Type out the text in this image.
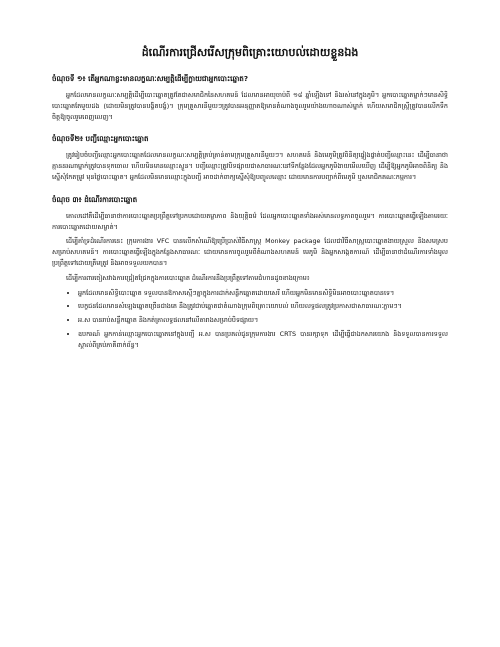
ដំណើរការជ្រើសរើសក្រុមពិគ្រោះយោបល់ដោយខ្លួនឯង
ចំណុចទី ១៖ តើអ្នកណាខ្លះមានលក្ខណៈសម្បត្តិដើម្បីក្លាយជាអ្នកបោះឆ្នោត?

អ្នកដែលមានលក្ខណៈសម្បត្តិដើម្បីបោះឆ្នោតត្រូវតែជាសមាជិកនៃសហគមន៍ ដែលមានអាយុចាប់ពី ១៨ ឆ្នាំឡើងទៅ និងរស់នៅក្នុងភូមិ។ អ្នកបោះឆ្នោតម្នាក់ៗមានសិទ្ធិបោះឆ្នោតតែមួយដង (ដោយមិនត្រូវបានបង្ខិតបង្ខំ)។ ក្រុមគ្រួសារនីមួយៗត្រូវបានអនុញ្ញាតឱ្យមានតំណាងចូលរួមយ៉ាងហោចណាស់ម្នាក់ ហើយសមាជិកស្ត្រីត្រូវបានលើកទឹកចិត្តឱ្យចូលរួមពេញលេញ។

ចំណុចទី២៖ បញ្ជីឈ្មោះអ្នកបោះឆ្នោត

ត្រូវរៀបចំបញ្ជីឈ្មោះអ្នកបោះឆ្នោតដែលមានលក្ខណៈសម្បត្តិគ្រប់គ្រាន់តាមក្រុមគ្រួសារនីមួយៗ។ សហគមន៍ និងមេភូមិត្រូវពិនិត្យផ្ទៀងផ្ទាត់បញ្ជីឈ្មោះនេះ ដើម្បីធានាថាគ្មាននរណាម្នាក់ត្រូវបានទុកចោល ហើយមិនមានឈ្មោះស្ទួន។ បញ្ជីឈ្មោះត្រូវបិទផ្សាយជាសាធារណៈនៅទីកន្លែងដែលអ្នកភូមិងាយមើលឃើញ ដើម្បីឱ្យអ្នកភូមិអាចពិនិត្យ និងស្នើសុំកែតម្រូវ មុនថ្ងៃបោះឆ្នោត។ អ្នកដែលមិនមានឈ្មោះក្នុងបញ្ជី អាចដាក់ពាក្យស្នើសុំឱ្យបញ្ចូលឈ្មោះ ដោយមានការបញ្ជាក់ពីមេភូមិ ឬសមាជិកគណៈកម្មការ។

ចំណុច ៣៖ ដំណើរការបោះឆ្នោត

គោលដៅគឺដើម្បីធានាថាការបោះឆ្នោតប្រព្រឹត្តទៅប្រកបដោយតម្លាភាព និងយុត្តិធម៌ ដែលអ្នកបោះឆ្នោតទាំងអស់មានលទ្ធភាពចូលរួម។ ការបោះឆ្នោតធ្វើឡើងតាមរយៈការបោះឆ្នោតដោយសម្ងាត់។

ដើម្បីគាំទ្រដំណើរការនេះ ក្រុមការងារ VFC បានលើកសំណើឱ្យប្រើប្រាស់វិធីសាស្ត្រ Monkey package ដែលជាវិធីសាស្ត្របោះឆ្នោតងាយស្រួល និងសមស្របសម្រាប់សហគមន៍។ ការបោះឆ្នោតធ្វើឡើងក្នុងកន្លែងសាធារណៈ ដោយមានការចូលរួមពីតំណាងសហគមន៍ មេភូមិ និងអ្នកសង្កេតការណ៍ ដើម្បីធានាថាដំណើរការទាំងមូលប្រព្រឹត្តទៅដោយត្រឹមត្រូវ និងអាចទទួលយកបាន។

ដើម្បីការពារចៀសវាងការជ្រៀតជ្រែកក្នុងការបោះឆ្នោត ដំណើរការនឹងប្រព្រឹត្តទៅតាមជំហានដូចខាងក្រោម៖

• អ្នកដែលមានសិទ្ធិបោះឆ្នោត ទទួលបានឱកាសស្មើៗគ្នាក្នុងការដាក់សន្លឹកឆ្នោតដោយសេរី ហើយអ្នកមិនមានសិទ្ធិមិនអាចបោះឆ្នោតបានទេ។
• បេក្ខជនដែលមានសំឡេងឆ្នោតច្រើនជាងគេ នឹងត្រូវជាប់ឆ្នោតជាតំណាងក្រុមពិគ្រោះយោបល់ ហើយលទ្ធផលត្រូវប្រកាសជាសាធារណៈភ្លាមៗ។
• អ.ស បានរាប់សន្លឹកឆ្នោត និងកត់ត្រាលទ្ធផលនៅលើតារាងសម្រាប់បិទផ្សាយ។
• ឧបករណ៍ អ្នកកាន់ឈ្មោះអ្នកបោះឆ្នោតនៅក្នុងបញ្ជី អ.ស បានប្រគល់ជូនក្រុមការងារ CRTS បានរក្សាទុក ដើម្បីធ្វើជាឯកសារយោង និងទទួលបានការទទួលស្គាល់ពីគ្រប់ភាគីពាក់ព័ន្ធ។
